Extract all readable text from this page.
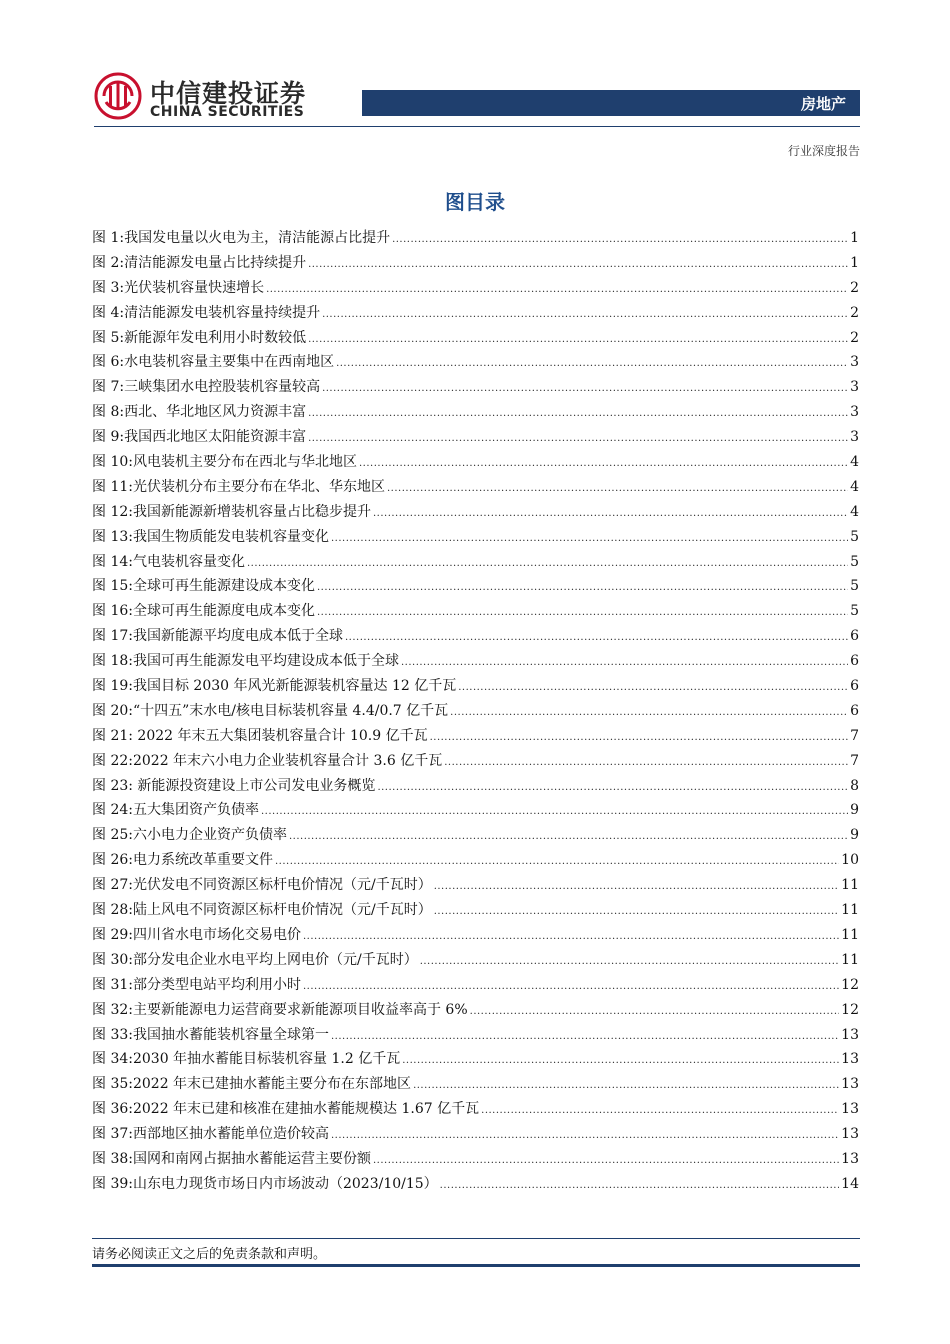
中信建投证券
CHINA SECURITIES	房地产
行业深度报告
图目录
图 1:我国发电量以火电为主，清洁能源占比提升 .....	1
图 2:清洁能源发电量占比持续提升 .....	1
图 3:光伏装机容量快速增长 .....	2
图 4:清洁能源发电装机容量持续提升 .....	2
图 5:新能源年发电利用小时数较低 .....	2
图 6:水电装机容量主要集中在西南地区 .....	3
图 7:三峡集团水电控股装机容量较高 .....	3
图 8:西北、华北地区风力资源丰富 .....	3
图 9:我国西北地区太阳能资源丰富 .....	3
图 10:风电装机主要分布在西北与华北地区 .....	4
图 11:光伏装机分布主要分布在华北、华东地区 .....	4
图 12:我国新能源新增装机容量占比稳步提升 .....	4
图 13:我国生物质能发电装机容量变化 .....	5
图 14:气电装机容量变化 .....	5
图 15:全球可再生能源建设成本变化 .....	5
图 16:全球可再生能源度电成本变化 .....	5
图 17:我国新能源平均度电成本低于全球 .....	6
图 18:我国可再生能源发电平均建设成本低于全球 .....	6
图 19:我国目标 2030 年风光新能源装机容量达 12 亿千瓦 .....	6
图 20:“十四五”末水电/核电目标装机容量 4.4/0.7 亿千瓦 .....	6
图 21: 2022 年末五大集团装机容量合计 10.9 亿千瓦 .....	7
图 22:2022 年末六小电力企业装机容量合计 3.6 亿千瓦 .....	7
图 23: 新能源投资建设上市公司发电业务概览 .....	8
图 24:五大集团资产负债率 .....	9
图 25:六小电力企业资产负债率 .....	9
图 26:电力系统改革重要文件 .....	10
图 27:光伏发电不同资源区标杆电价情况（元/千瓦时） .....	11
图 28:陆上风电不同资源区标杆电价情况（元/千瓦时） .....	11
图 29:四川省水电市场化交易电价 .....	11
图 30:部分发电企业水电平均上网电价（元/千瓦时） .....	11
图 31:部分类型电站平均利用小时 .....	12
图 32:主要新能源电力运营商要求新能源项目收益率高于 6% .....	12
图 33:我国抽水蓄能装机容量全球第一 .....	13
图 34:2030 年抽水蓄能目标装机容量 1.2 亿千瓦 .....	13
图 35:2022 年末已建抽水蓄能主要分布在东部地区 .....	13
图 36:2022 年末已建和核准在建抽水蓄能规模达 1.67 亿千瓦 .....	13
图 37:西部地区抽水蓄能单位造价较高 .....	13
图 38:国网和南网占据抽水蓄能运营主要份额 .....	13
图 39:山东电力现货市场日内市场波动（2023/10/15） .....	14
请务必阅读正文之后的免责条款和声明。
